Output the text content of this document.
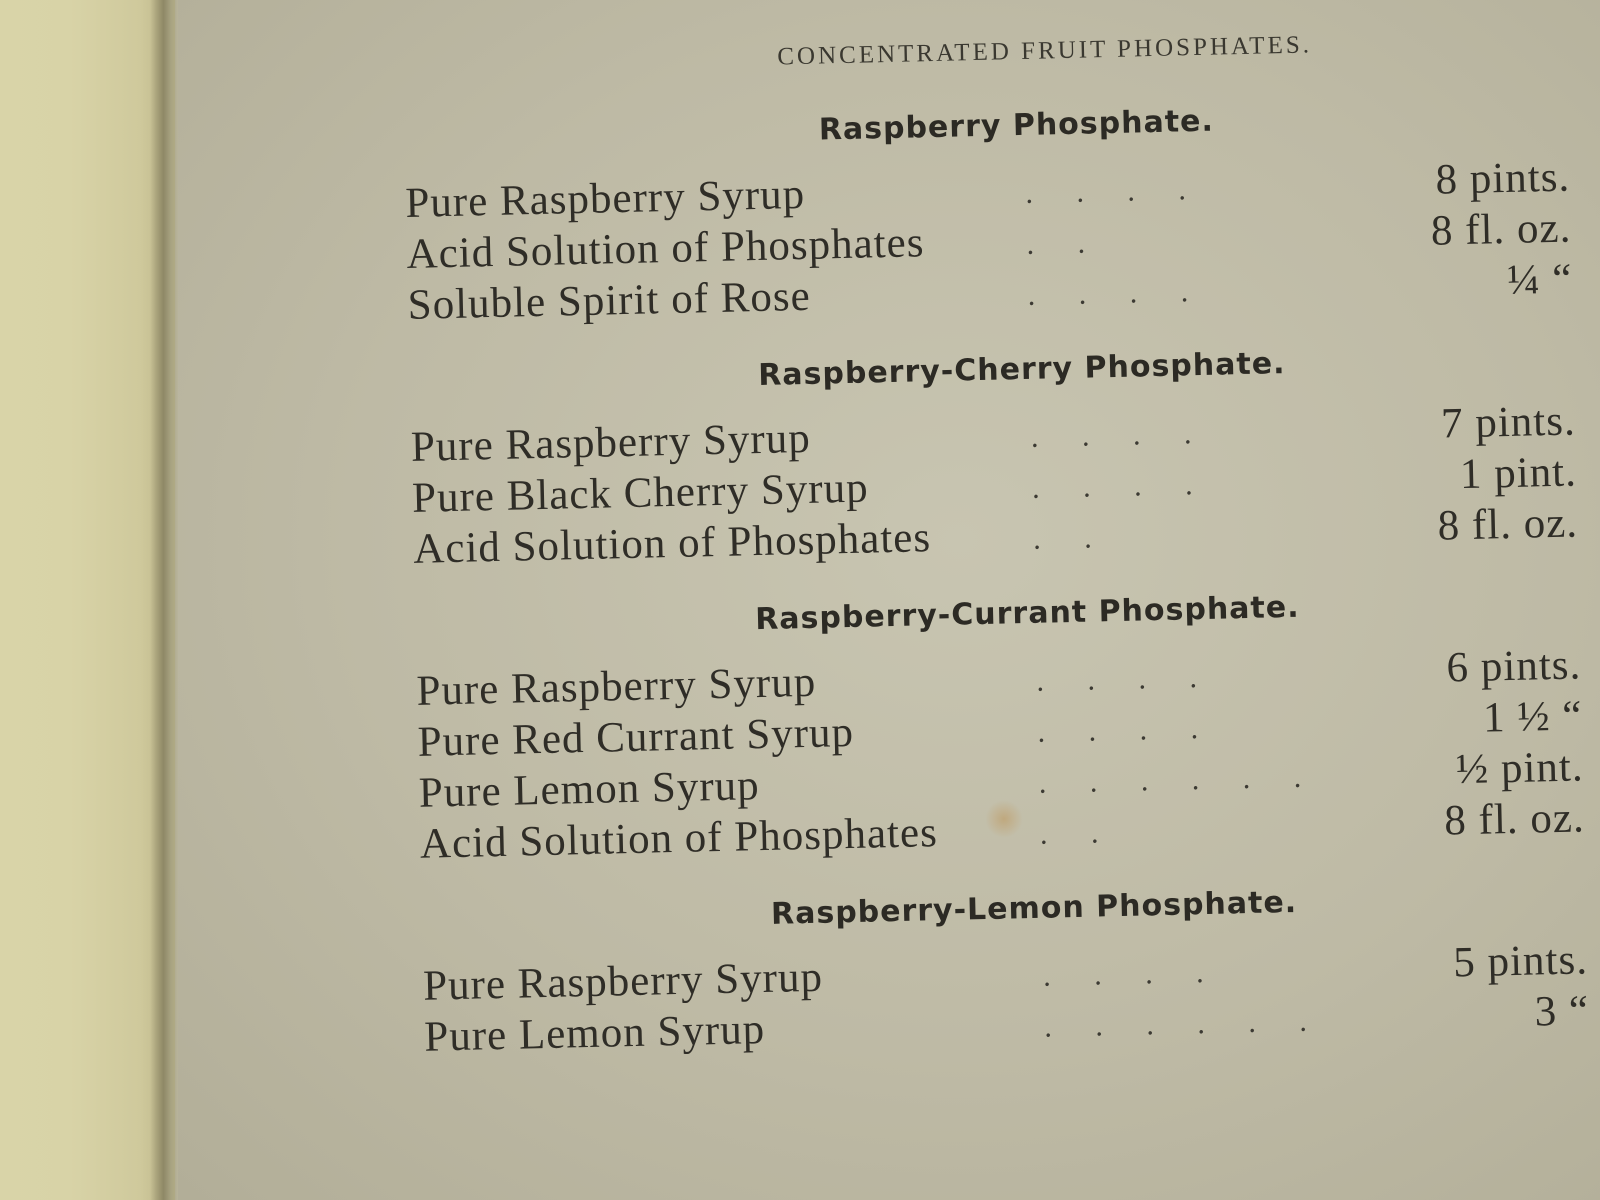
CONCENTRATED FRUIT PHOSPHATES.
Raspberry Phosphate.
Pure Raspberry Syrup	. . . .	8 pints.
Acid Solution of Phosphates	. .	8 fl. oz.
Soluble Spirit of Rose	. . . .	¼ “
Raspberry-Cherry Phosphate.
Pure Raspberry Syrup	. . . .	7 pints.
Pure Black Cherry Syrup	. . . .	1 pint.
Acid Solution of Phosphates	. .	8 fl. oz.
Raspberry-Currant Phosphate.
Pure Raspberry Syrup	. . . .	6 pints.
Pure Red Currant Syrup	. . . .	1 ½ “
Pure Lemon Syrup	. . . . . .	½ pint.
Acid Solution of Phosphates	. .	8 fl. oz.
Raspberry-Lemon Phosphate.
Pure Raspberry Syrup	. . . .	5 pints.
Pure Lemon Syrup	. . . . . .	3 “
